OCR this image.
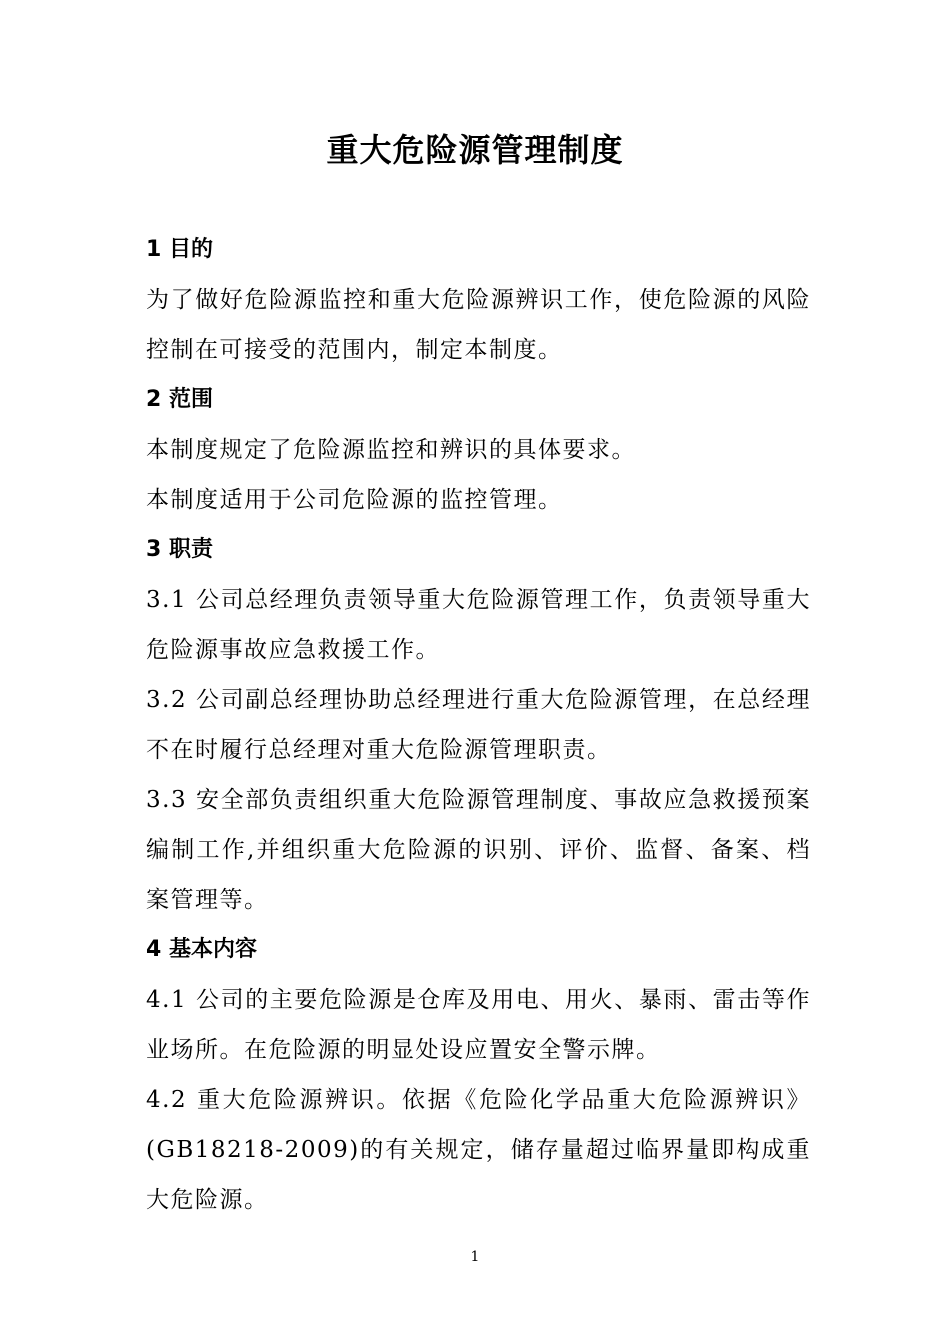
重大危险源管理制度
1 目的

为了做好危险源监控和重大危险源辨识工作，使危险源的风险控制在可接受的范围内，制定本制度。

2 范围

本制度规定了危险源监控和辨识的具体要求。

本制度适用于公司危险源的监控管理。

3 职责

3.1 公司总经理负责领导重大危险源管理工作，负责领导重大危险源事故应急救援工作。

3.2 公司副总经理协助总经理进行重大危险源管理，在总经理不在时履行总经理对重大危险源管理职责。

3.3 安全部负责组织重大危险源管理制度、事故应急救援预案编制工作,并组织重大危险源的识别、评价、监督、备案、档案管理等。

4 基本内容

4.1 公司的主要危险源是仓库及用电、用火、暴雨、雷击等作业场所。在危险源的明显处设应置安全警示牌。

4.2 重大危险源辨识。依据《危险化学品重大危险源辨识》(GB18218-2009)的有关规定，储存量超过临界量即构成重大危险源。

1
